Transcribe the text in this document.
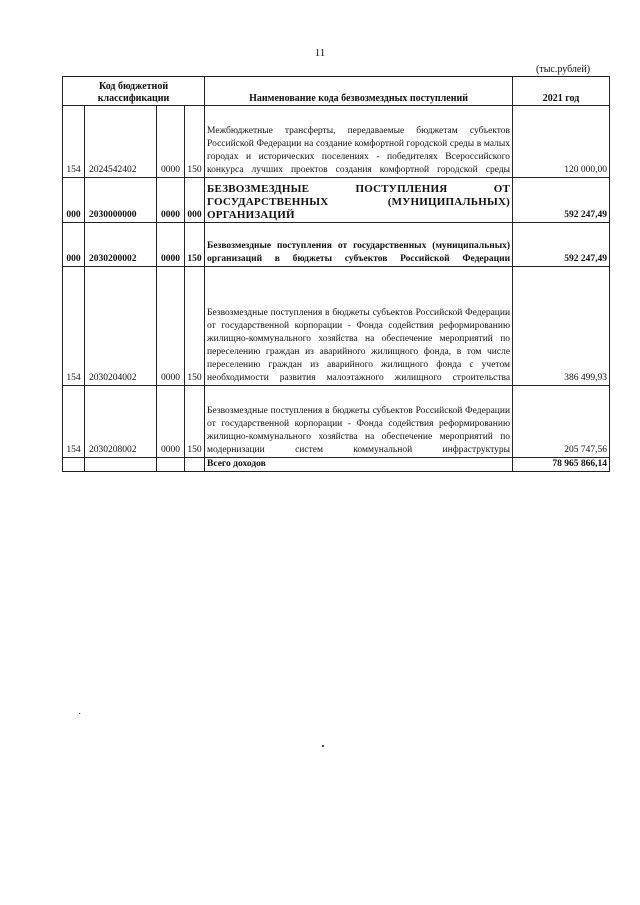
11
(тыс.рублей)
Код бюджетной классификации				Наименование кода безвозмездных поступлений	2021 год
154	2024542402	0000	150	Межбюджетные трансферты, передаваемые бюджетам субъектов Российской Федерации на создание комфортной городской среды в малых городах и исторических поселениях - победителях Всероссийского конкурса лучших проектов создания комфортной городской среды	120 000,00
000	2030000000	0000	000	БЕЗВОЗМЕЗДНЫЕ ПОСТУПЛЕНИЯ ОТ ГОСУДАРСТВЕННЫХ (МУНИЦИПАЛЬНЫХ) ОРГАНИЗАЦИЙ	592 247,49
000	2030200002	0000	150	Безвозмездные поступления от государственных (муниципальных) организаций в бюджеты субъектов Российской Федерации	592 247,49
154	2030204002	0000	150	Безвозмездные поступления в бюджеты субъектов Российской Федерации от государственной корпорации - Фонда содействия реформированию жилищно-коммунального хозяйства на обеспечение мероприятий по переселению граждан из аварийного жилищного фонда, в том числе переселению граждан из аварийного жилищного фонда с учетом необходимости развития малоэтажного жилищного строительства	386 499,93
154	2030208002	0000	150	Безвозмездные поступления в бюджеты субъектов Российской Федерации от государственной корпорации - Фонда содействия реформированию жилищно-коммунального хозяйства на обеспечение мероприятий по модернизации систем коммунальной инфраструктуры	205 747,56
				Всего доходов	78 965 866,14
˙
